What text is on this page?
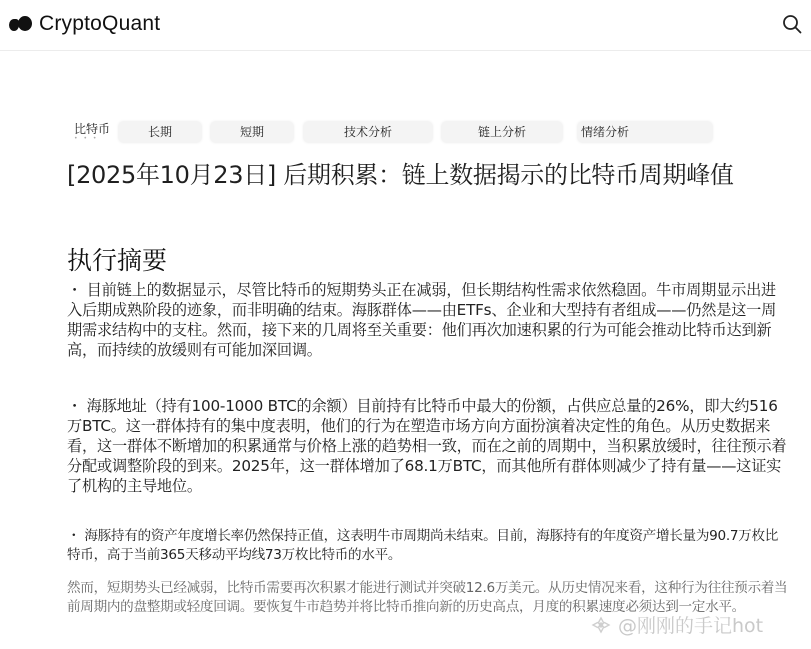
CryptoQuant
比特币
• • •	长期	短期	技术分析	链上分析	情绪分析
[2025年10月23日] 后期积累：链上数据揭示的比特币周期峰值
执行摘要
・ 目前链上的数据显示，尽管比特币的短期势头正在减弱，但长期结构性需求依然稳固。牛市周期显示出进入后期成熟阶段的迹象，而非明确的结束。海豚群体——由ETFs、企业和大型持有者组成——仍然是这一周期需求结构中的支柱。然而，接下来的几周将至关重要：他们再次加速积累的行为可能会推动比特币达到新高，而持续的放缓则有可能加深回调。
・ 海豚地址（持有100-1000 BTC的余额）目前持有比特币中最大的份额，占供应总量的26%，即大约516万BTC。这一群体持有的集中度表明，他们的行为在塑造市场方向方面扮演着决定性的角色。从历史数据来看，这一群体不断增加的积累通常与价格上涨的趋势相一致，而在之前的周期中，当积累放缓时，往往预示着分配或调整阶段的到来。2025年，这一群体增加了68.1万BTC，而其他所有群体则减少了持有量——这证实了机构的主导地位。
・ 海豚持有的资产年度增长率仍然保持正值，这表明牛市周期尚未结束。目前，海豚持有的年度资产增长量为90.7万枚比特币，高于当前365天移动平均线73万枚比特币的水平。
然而，短期势头已经减弱，比特币需要再次积累才能进行测试并突破12.6万美元。从历史情况来看，这种行为往往预示着当前周期内的盘整期或轻度回调。要恢复牛市趋势并将比特币推向新的历史高点，月度的积累速度必须达到一定水平。
@刚刚的手记hot
